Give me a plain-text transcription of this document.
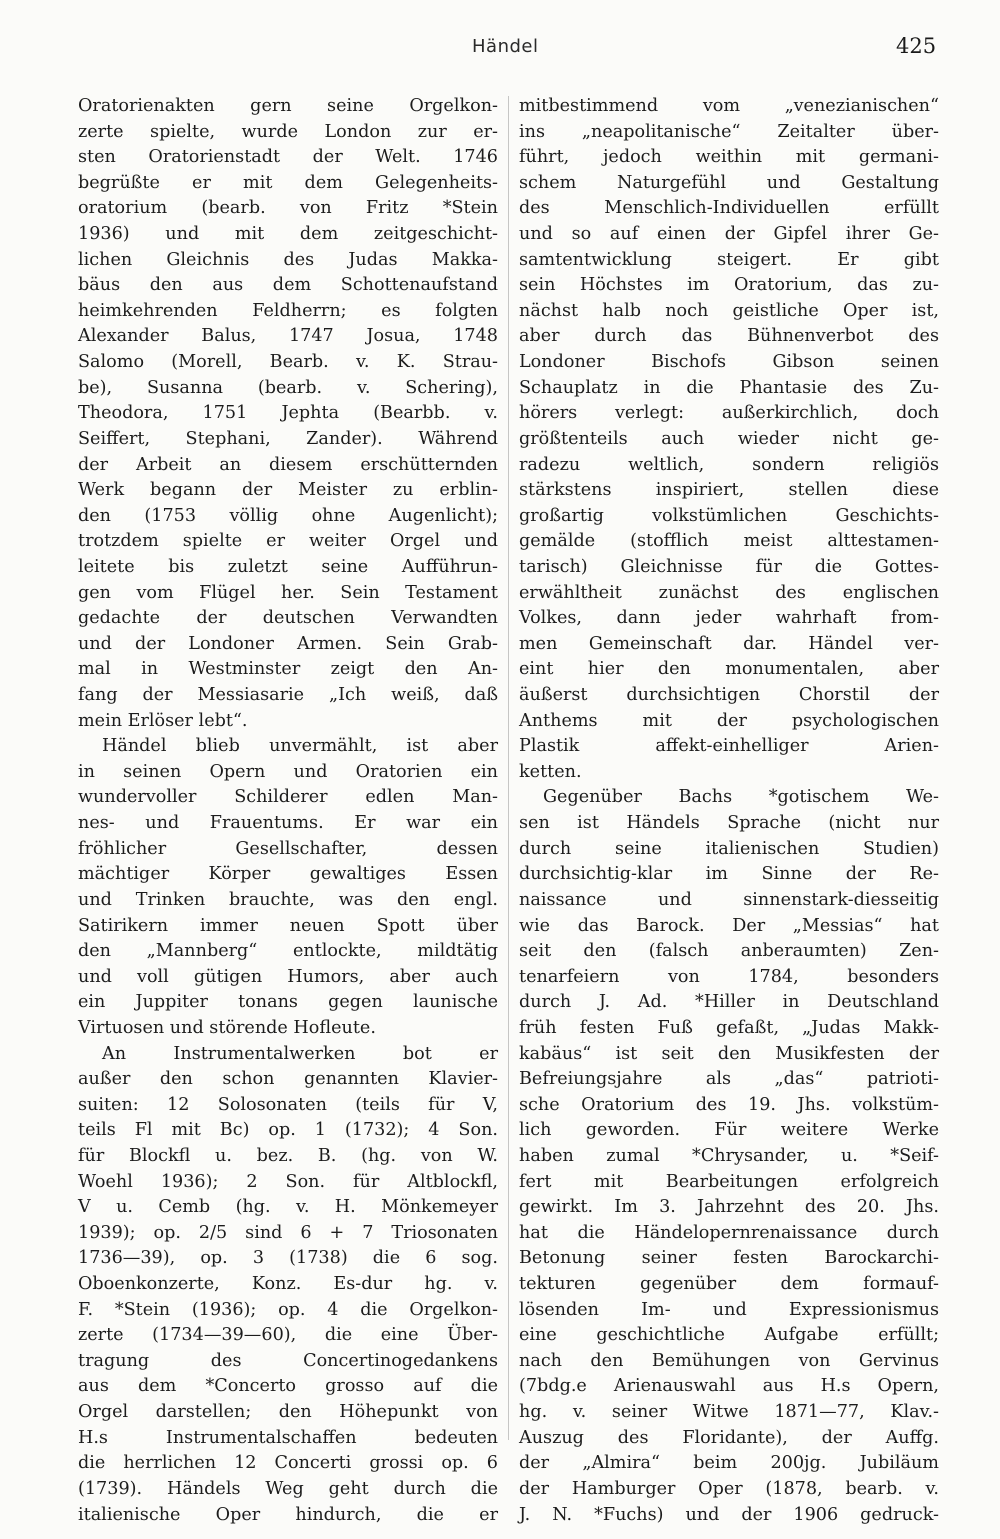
Händel	425
Oratorienakten gern seine Orgelkon-
zerte spielte, wurde London zur er-
sten Oratorienstadt der Welt. 1746
begrüßte er mit dem Gelegenheits-
oratorium (bearb. von Fritz *Stein
1936) und mit dem zeitgeschicht-
lichen Gleichnis des Judas Makka-
bäus den aus dem Schottenaufstand
heimkehrenden Feldherrn; es folgten
Alexander Balus, 1747 Josua, 1748
Salomo (Morell, Bearb. v. K. Strau-
be), Susanna (bearb. v. Schering),
Theodora, 1751 Jephta (Bearbb. v.
Seiffert, Stephani, Zander). Während
der Arbeit an diesem erschütternden
Werk begann der Meister zu erblin-
den (1753 völlig ohne Augenlicht);
trotzdem spielte er weiter Orgel und
leitete bis zuletzt seine Aufführun-
gen vom Flügel her. Sein Testament
gedachte der deutschen Verwandten
und der Londoner Armen. Sein Grab-
mal in Westminster zeigt den An-
fang der Messiasarie „Ich weiß, daß
mein Erlöser lebt“.
Händel blieb unvermählt, ist aber
in seinen Opern und Oratorien ein
wundervoller Schilderer edlen Man-
nes- und Frauentums. Er war ein
fröhlicher Gesellschafter, dessen
mächtiger Körper gewaltiges Essen
und Trinken brauchte, was den engl.
Satirikern immer neuen Spott über
den „Mannberg“ entlockte, mildtätig
und voll gütigen Humors, aber auch
ein Juppiter tonans gegen launische
Virtuosen und störende Hofleute.
An Instrumentalwerken bot er
außer den schon genannten Klavier-
suiten: 12 Solosonaten (teils für V,
teils Fl mit Bc) op. 1 (1732); 4 Son.
für Blockfl u. bez. B. (hg. von W.
Woehl 1936); 2 Son. für Altblockfl,
V u. Cemb (hg. v. H. Mönkemeyer
1939); op. 2/5 sind 6 + 7 Triosonaten
1736—39), op. 3 (1738) die 6 sog.
Oboenkonzerte, Konz. Es-dur hg. v.
F. *Stein (1936); op. 4 die Orgelkon-
zerte (1734—39—60), die eine Über-
tragung des Concertinogedankens
aus dem *Concerto grosso auf die
Orgel darstellen; den Höhepunkt von
H.s Instrumentalschaffen bedeuten
die herrlichen 12 Concerti grossi op. 6
(1739). Händels Weg geht durch die
italienische Oper hindurch, die er
mitbestimmend vom „venezianischen“
ins „neapolitanische“ Zeitalter über-
führt, jedoch weithin mit germani-
schem Naturgefühl und Gestaltung
des Menschlich-Individuellen erfüllt
und so auf einen der Gipfel ihrer Ge-
samtentwicklung steigert. Er gibt
sein Höchstes im Oratorium, das zu-
nächst halb noch geistliche Oper ist,
aber durch das Bühnenverbot des
Londoner Bischofs Gibson seinen
Schauplatz in die Phantasie des Zu-
hörers verlegt: außerkirchlich, doch
größtenteils auch wieder nicht ge-
radezu weltlich, sondern religiös
stärkstens inspiriert, stellen diese
großartig volkstümlichen Geschichts-
gemälde (stofflich meist alttestamen-
tarisch) Gleichnisse für die Gottes-
erwähltheit zunächst des englischen
Volkes, dann jeder wahrhaft from-
men Gemeinschaft dar. Händel ver-
eint hier den monumentalen, aber
äußerst durchsichtigen Chorstil der
Anthems mit der psychologischen
Plastik affekt-einhelliger Arien-
ketten.
Gegenüber Bachs *gotischem We-
sen ist Händels Sprache (nicht nur
durch seine italienischen Studien)
durchsichtig-klar im Sinne der Re-
naissance und sinnenstark-diesseitig
wie das Barock. Der „Messias“ hat
seit den (falsch anberaumten) Zen-
tenarfeiern von 1784, besonders
durch J. Ad. *Hiller in Deutschland
früh festen Fuß gefaßt, „Judas Makk-
kabäus“ ist seit den Musikfesten der
Befreiungsjahre als „das“ patrioti-
sche Oratorium des 19. Jhs. volkstüm-
lich geworden. Für weitere Werke
haben zumal *Chrysander, u. *Seif-
fert mit Bearbeitungen erfolgreich
gewirkt. Im 3. Jahrzehnt des 20. Jhs.
hat die Händelopernrenaissance durch
Betonung seiner festen Barockarchi-
tekturen gegenüber dem formauf-
lösenden Im- und Expressionismus
eine geschichtliche Aufgabe erfüllt;
nach den Bemühungen von Gervinus
(7bdg.e Arienauswahl aus H.s Opern,
hg. v. seiner Witwe 1871—77, Klav.-
Auszug des Floridante), der Auffg.
der „Almira“ beim 200jg. Jubiläum
der Hamburger Oper (1878, bearb. v.
J. N. *Fuchs) und der 1906 gedruck-
